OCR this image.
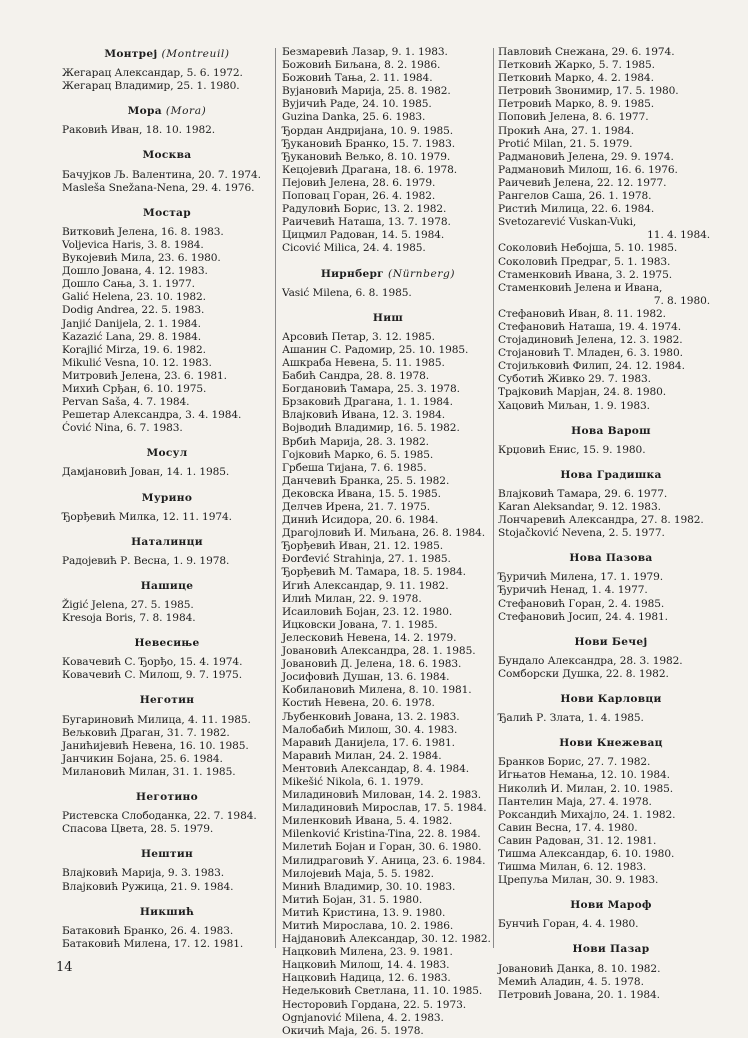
Монтреј (Montreuil)
Жегарац Александар, 5. 6. 1972.
Жегарац Владимир, 25. 1. 1980.
Мора (Mora)
Раковић Иван, 18. 10. 1982.
Москва
Бачујков Љ. Валентина, 20. 7. 1974.
Masleša Snežana-Nena, 29. 4. 1976.
Мостар
Витковић Јелена, 16. 8. 1983.
Voljevica Haris, 3. 8. 1984.
Вукојевић Мила, 23. 6. 1980.
Дошло Јована, 4. 12. 1983.
Дошло Сања, 3. 1. 1977.
Galić Helena, 23. 10. 1982.
Dodig Andrea, 22. 5. 1983.
Janjić Danijela, 2. 1. 1984.
Kazazić Lana, 29. 8. 1984.
Korajlić Mirza, 19. 6. 1982.
Mikulić Vesna, 10. 12. 1983.
Митровић Јелена, 23. 6. 1981.
Михић Срђан, 6. 10. 1975.
Pervan Saša, 4. 7. 1984.
Решетар Александра, 3. 4. 1984.
Ćović Nina, 6. 7. 1983.
Мосул
Дамјановић Јован, 14. 1. 1985.
Мурино
Ђорђевић Милка, 12. 11. 1974.
Наталинци
Радојевић Р. Весна, 1. 9. 1978.
Нашице
Žigić Jelena, 27. 5. 1985.
Kresoja Boris, 7. 8. 1984.
Невесиње
Ковачевић С. Ђорђо, 15. 4. 1974.
Ковачевић С. Милош, 9. 7. 1975.
Неготин
Бугариновић Милица, 4. 11. 1985.
Вељковић Драган, 31. 7. 1982.
Јанићијевић Невена, 16. 10. 1985.
Јанчикин Бојана, 25. 6. 1984.
Милановић Милан, 31. 1. 1985.
Неготино
Ристевска Слободанка, 22. 7. 1984.
Спасова Цвета, 28. 5. 1979.
Нештин
Влајковић Марија, 9. 3. 1983.
Влајковић Ружица, 21. 9. 1984.
Никшић
Батаковић Бранко, 26. 4. 1983.
Батаковић Милена, 17. 12. 1981.
Безмаревић Лазар, 9. 1. 1983.
Божовић Биљана, 8. 2. 1986.
Божовић Тања, 2. 11. 1984.
Вујановић Марија, 25. 8. 1982.
Вујичић Раде, 24. 10. 1985.
Guzina Danka, 25. 6. 1983.
Ђордан Андријана, 10. 9. 1985.
Ђукановић Бранко, 15. 7. 1983.
Ђукановић Вељко, 8. 10. 1979.
Кецојевић Драгана, 18. 6. 1978.
Пејовић Јелена, 28. 6. 1979.
Поповац Горан, 26. 4. 1982.
Радуловић Борис, 13. 2. 1982.
Раичевић Наташа, 13. 7. 1978.
Цицмил Радован, 14. 5. 1984.
Cicović Milica, 24. 4. 1985.
Нирнберг (Nürnberg)
Vasić Milena, 6. 8. 1985.
Ниш
Арсовић Петар, 3. 12. 1985.
Ашанин С. Радомир, 25. 10. 1985.
Ашкраба Невена, 5. 11. 1985.
Бабић Сандра, 28. 8. 1978.
Богдановић Тамара, 25. 3. 1978.
Брзаковић Драгана, 1. 1. 1984.
Влајковић Ивана, 12. 3. 1984.
Војводић Владимир, 16. 5. 1982.
Врбић Марија, 28. 3. 1982.
Гојковић Марко, 6. 5. 1985.
Грбеша Тијана, 7. 6. 1985.
Данчевић Бранка, 25. 5. 1982.
Дековска Ивана, 15. 5. 1985.
Делчев Ирена, 21. 7. 1975.
Динић Исидора, 20. 6. 1984.
Драгојловић И. Миљана, 26. 8. 1984.
Ђорђевић Иван, 21. 12. 1985.
Đorđević Strahinja, 27. 1. 1985.
Ђорђевић М. Тамара, 18. 5. 1984.
Игић Александар, 9. 11. 1982.
Илић Милан, 22. 9. 1978.
Исаиловић Бојан, 23. 12. 1980.
Ицковски Јована, 7. 1. 1985.
Јелесковић Невена, 14. 2. 1979.
Јовановић Александра, 28. 1. 1985.
Јовановић Д. Јелена, 18. 6. 1983.
Јосифовић Душан, 13. 6. 1984.
Кобилановић Милена, 8. 10. 1981.
Костић Невена, 20. 6. 1978.
Љубенковић Јована, 13. 2. 1983.
Малобабић Милош, 30. 4. 1983.
Маравић Данијела, 17. 6. 1981.
Маравић Милан, 24. 2. 1984.
Ментовић Александар, 8. 4. 1984.
Mikešić Nikola, 6. 1. 1979.
Миладиновић Милован, 14. 2. 1983.
Миладиновић Мирослав, 17. 5. 1984.
Миленковић Ивана, 5. 4. 1982.
Milenković Kristina-Tina, 22. 8. 1984.
Милетић Бојан и Горан, 30. 6. 1980.
Милидраговић У. Аница, 23. 6. 1984.
Милојевић Маја, 5. 5. 1982.
Минић Владимир, 30. 10. 1983.
Митић Бојан, 31. 5. 1980.
Митић Кристина, 13. 9. 1980.
Митић Мирослава, 10. 2. 1986.
Најдановић Александар, 30. 12. 1982.
Нацковић Милена, 23. 9. 1981.
Нацковић Милош, 14. 4. 1983.
Нацковић Надица, 12. 6. 1983.
Недељковић Светлана, 11. 10. 1985.
Несторовић Гордана, 22. 5. 1973.
Ognjanović Milena, 4. 2. 1983.
Окичић Маја, 26. 5. 1978.
Павловић Снежана, 29. 6. 1974.
Петковић Жарко, 5. 7. 1985.
Петковић Марко, 4. 2. 1984.
Петровић Звонимир, 17. 5. 1980.
Петровић Марко, 8. 9. 1985.
Поповић Јелена, 8. 6. 1977.
Прокић Ана, 27. 1. 1984.
Protić Milan, 21. 5. 1979.
Радмановић Јелена, 29. 9. 1974.
Радмановић Милош, 16. 6. 1976.
Раичевић Јелена, 22. 12. 1977.
Рангелов Саша, 26. 1. 1978.
Ристић Милица, 22. 6. 1984.
Svetozarević Vuskan-Vuki,
11. 4. 1984.
Соколовић Небојша, 5. 10. 1985.
Соколовић Предраг, 5. 1. 1983.
Стаменковић Ивана, 3. 2. 1975.
Стаменковић Јелена и Ивана,
7. 8. 1980.
Стефановић Иван, 8. 11. 1982.
Стефановић Наташа, 19. 4. 1974.
Стојадиновић Јелена, 12. 3. 1982.
Стојановић Т. Младен, 6. 3. 1980.
Стојиљковић Филип, 24. 12. 1984.
Суботић Живко 29. 7. 1983.
Трајковић Марјан, 24. 8. 1980.
Хацовић Миљан, 1. 9. 1983.
Нова Варош
Крџовић Енис, 15. 9. 1980.
Нова Градишка
Влајковић Тамара, 29. 6. 1977.
Karan Aleksandar, 9. 12. 1983.
Лончаревић Александра, 27. 8. 1982.
Stojačković Nevena, 2. 5. 1977.
Нова Пазова
Ђуричић Милена, 17. 1. 1979.
Ђуричић Ненад, 1. 4. 1977.
Стефановић Горан, 2. 4. 1985.
Стефановић Јосип, 24. 4. 1981.
Нови Бечеј
Бундало Александра, 28. 3. 1982.
Сомборски Душка, 22. 8. 1982.
Нови Карловци
Ђалић Р. Злата, 1. 4. 1985.
Нови Кнежевац
Бранков Борис, 27. 7. 1982.
Игњатов Немања, 12. 10. 1984.
Николић И. Милан, 2. 10. 1985.
Пантелин Маја, 27. 4. 1978.
Роксандић Михајло, 24. 1. 1982.
Савин Весна, 17. 4. 1980.
Савин Радован, 31. 12. 1981.
Тишма Александар, 6. 10. 1980.
Тишма Милан, 6. 12. 1983.
Црепуља Милан, 30. 9. 1983.
Нови Мароф
Бунчић Горан, 4. 4. 1980.
Нови Пазар
Јовановић Данка, 8. 10. 1982.
Мемић Аладин, 4. 5. 1978.
Петровић Јована, 20. 1. 1984.
14
